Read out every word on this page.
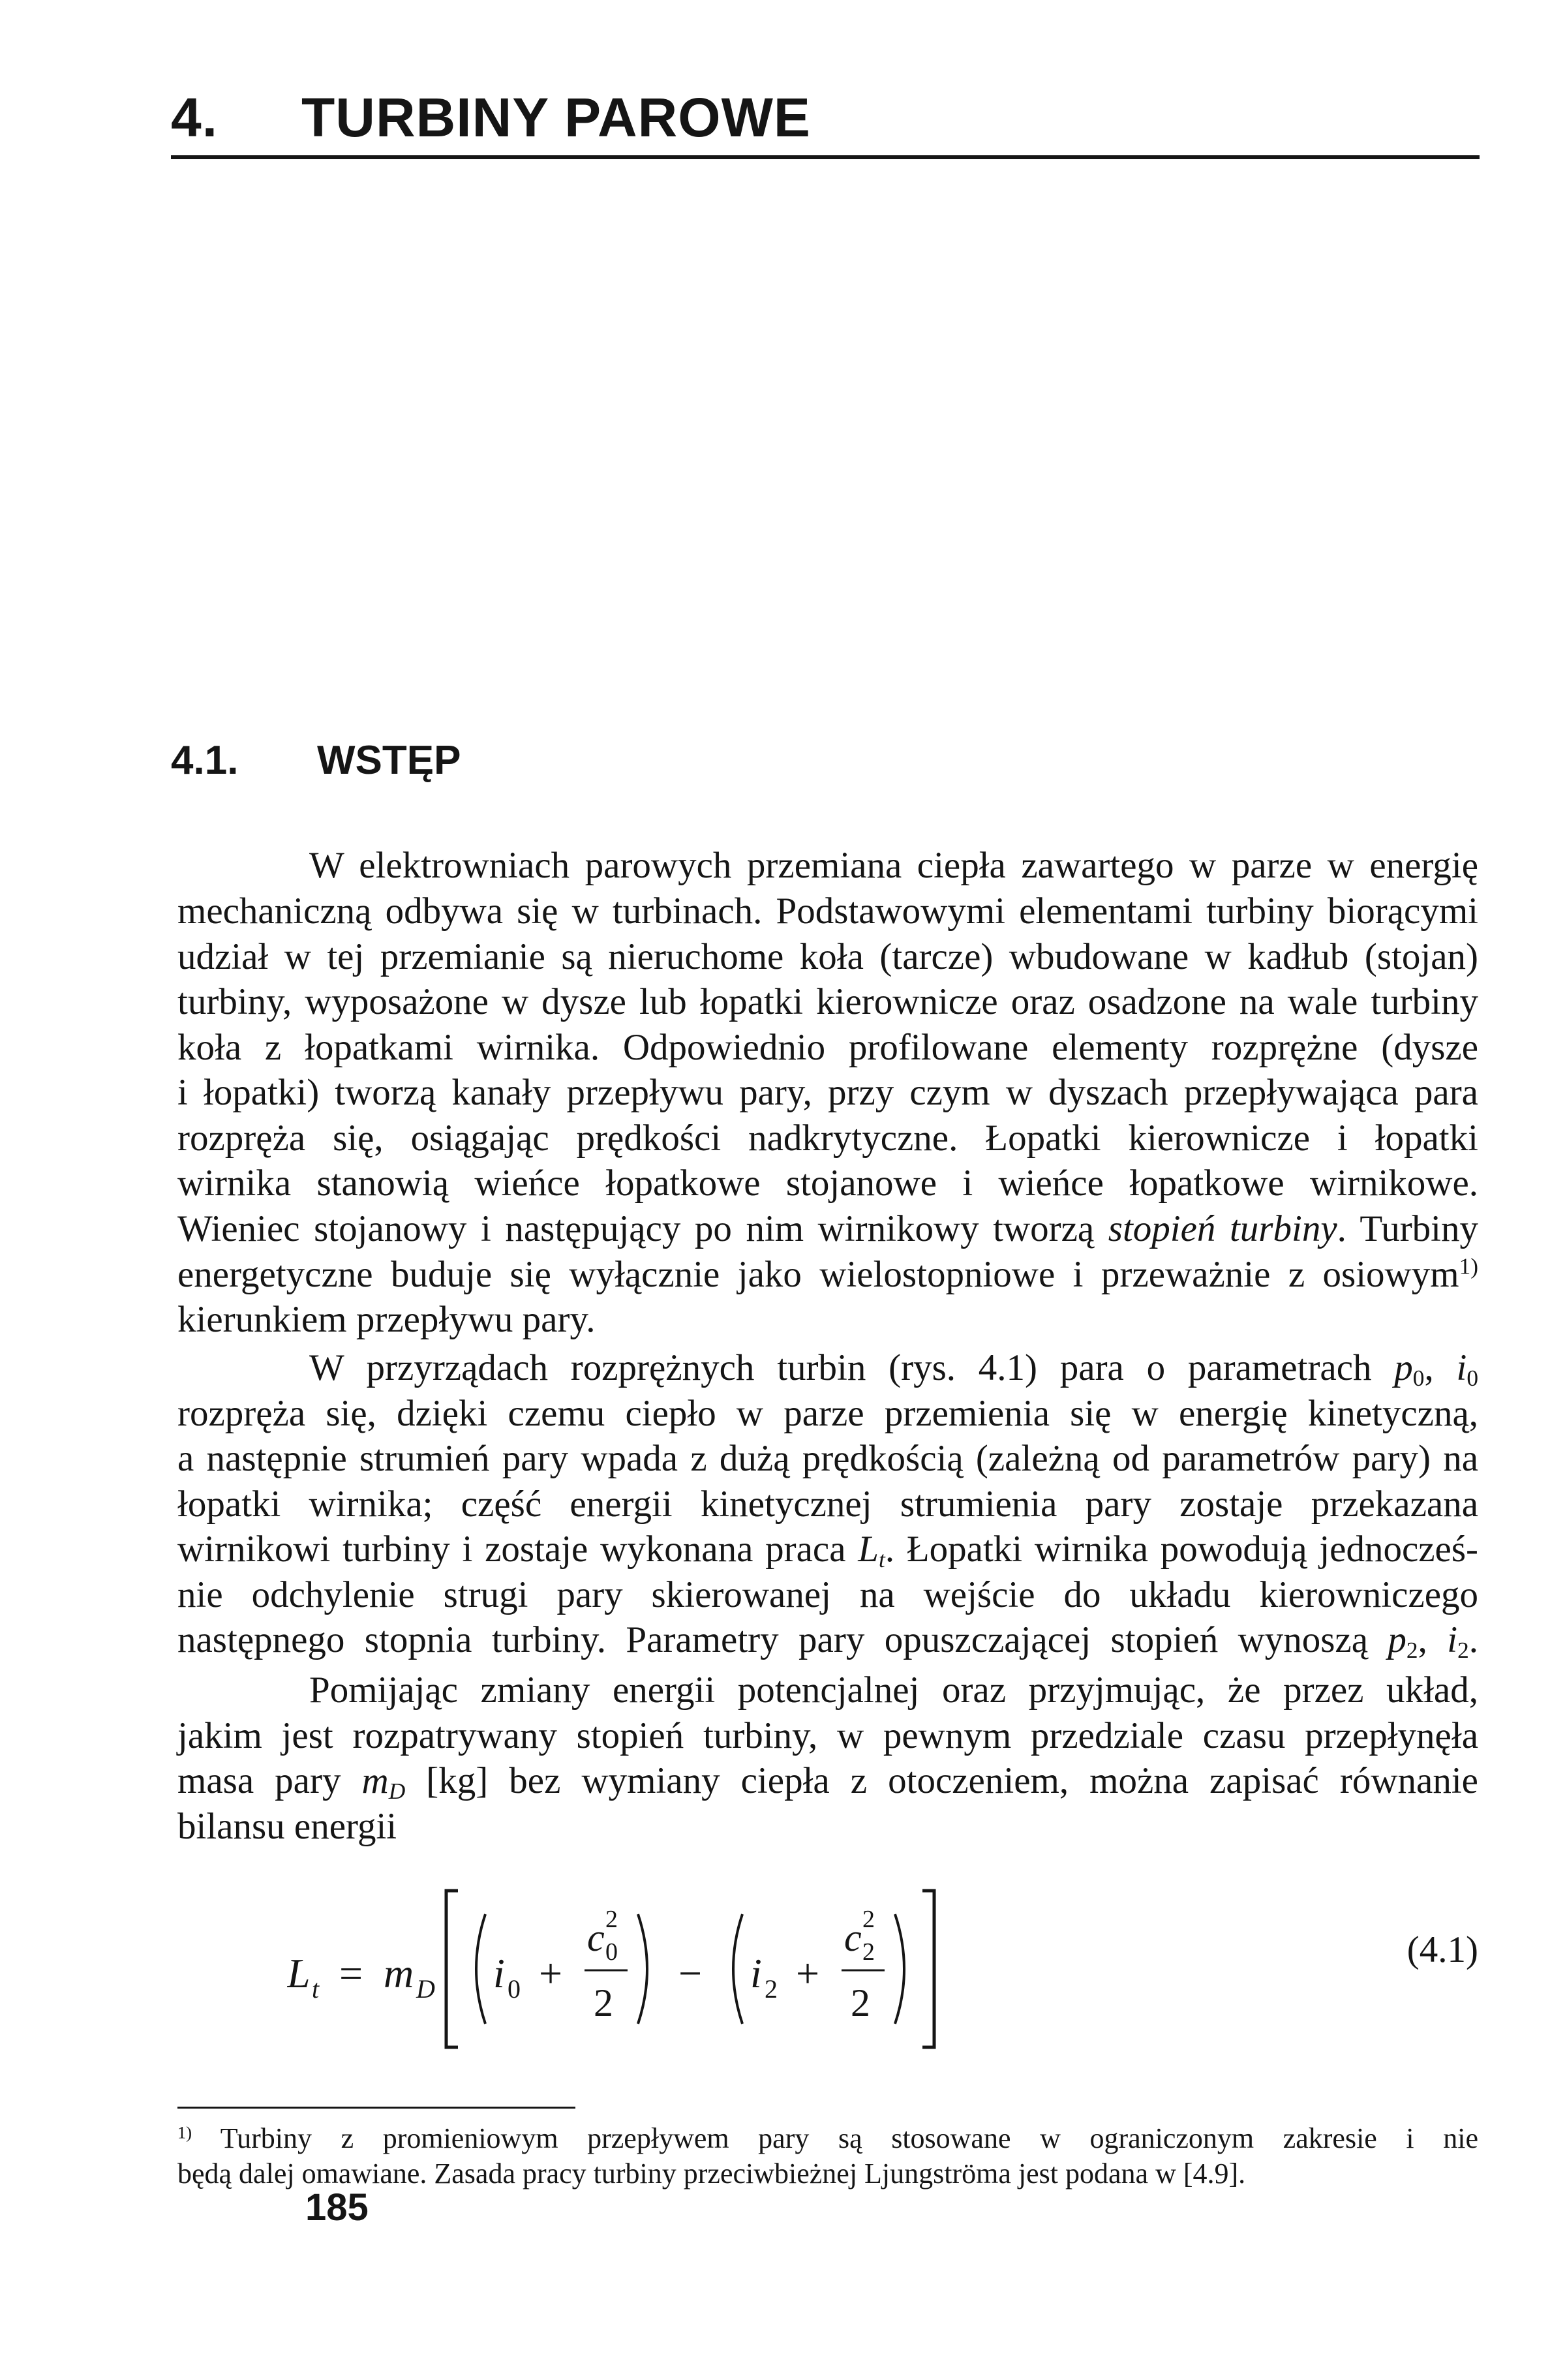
4. TURBINY PAROWE
4.1. WSTĘP
W elektrowniach parowych przemiana ciepła zawartego w parze w energię
mechaniczną odbywa się w turbinach. Podstawowymi elementami turbiny biorącymi
udział w tej przemianie są nieruchome koła (tarcze) wbudowane w kadłub (stojan)
turbiny, wyposażone w dysze lub łopatki kierownicze oraz osadzone na wale turbiny
koła z łopatkami wirnika. Odpowiednio profilowane elementy rozprężne (dysze
i łopatki) tworzą kanały przepływu pary, przy czym w dyszach przepływająca para
rozpręża się, osiągając prędkości nadkrytyczne. Łopatki kierownicze i łopatki
wirnika stanowią wieńce łopatkowe stojanowe i wieńce łopatkowe wirnikowe.
Wieniec stojanowy i następujący po nim wirnikowy tworzą stopień turbiny. Turbiny
energetyczne buduje się wyłącznie jako wielostopniowe i przeważnie z osiowym$^{1)}$
kierunkiem przepływu pary.
W przyrządach rozprężnych turbin (rys. 4.1) para o parametrach $p_0$, $i_0$
rozpręża się, dzięki czemu ciepło w parze przemienia się w energię kinetyczną,
a następnie strumień pary wpada z dużą prędkością (zależną od parametrów pary) na
łopatki wirnika; część energii kinetycznej strumienia pary zostaje przekazana
wirnikowi turbiny i zostaje wykonana praca $L_t$. Łopatki wirnika powodują jednocześ-
nie odchylenie strugi pary skierowanej na wejście do układu kierowniczego
następnego stopnia turbiny. Parametry pary opuszczającej stopień wynoszą $p_2$, $i_2$.
Pomijając zmiany energii potencjalnej oraz przyjmując, że przez układ,
jakim jest rozpatrywany stopień turbiny, w pewnym przedziale czasu przepłynęła
masa pary $m_D$ [kg] bez wymiany ciepła z otoczeniem, można zapisać równanie
bilansu energii
L t = m D i 0 +
c 2
0
2
− i 2 +
c 2
2
2
(4.1)
$^{1)}$ Turbiny z promieniowym przepływem pary są stosowane w ograniczonym zakresie i nie
będą dalej omawiane. Zasada pracy turbiny przeciwbieżnej Ljungströma jest podana w [4.9].
185
